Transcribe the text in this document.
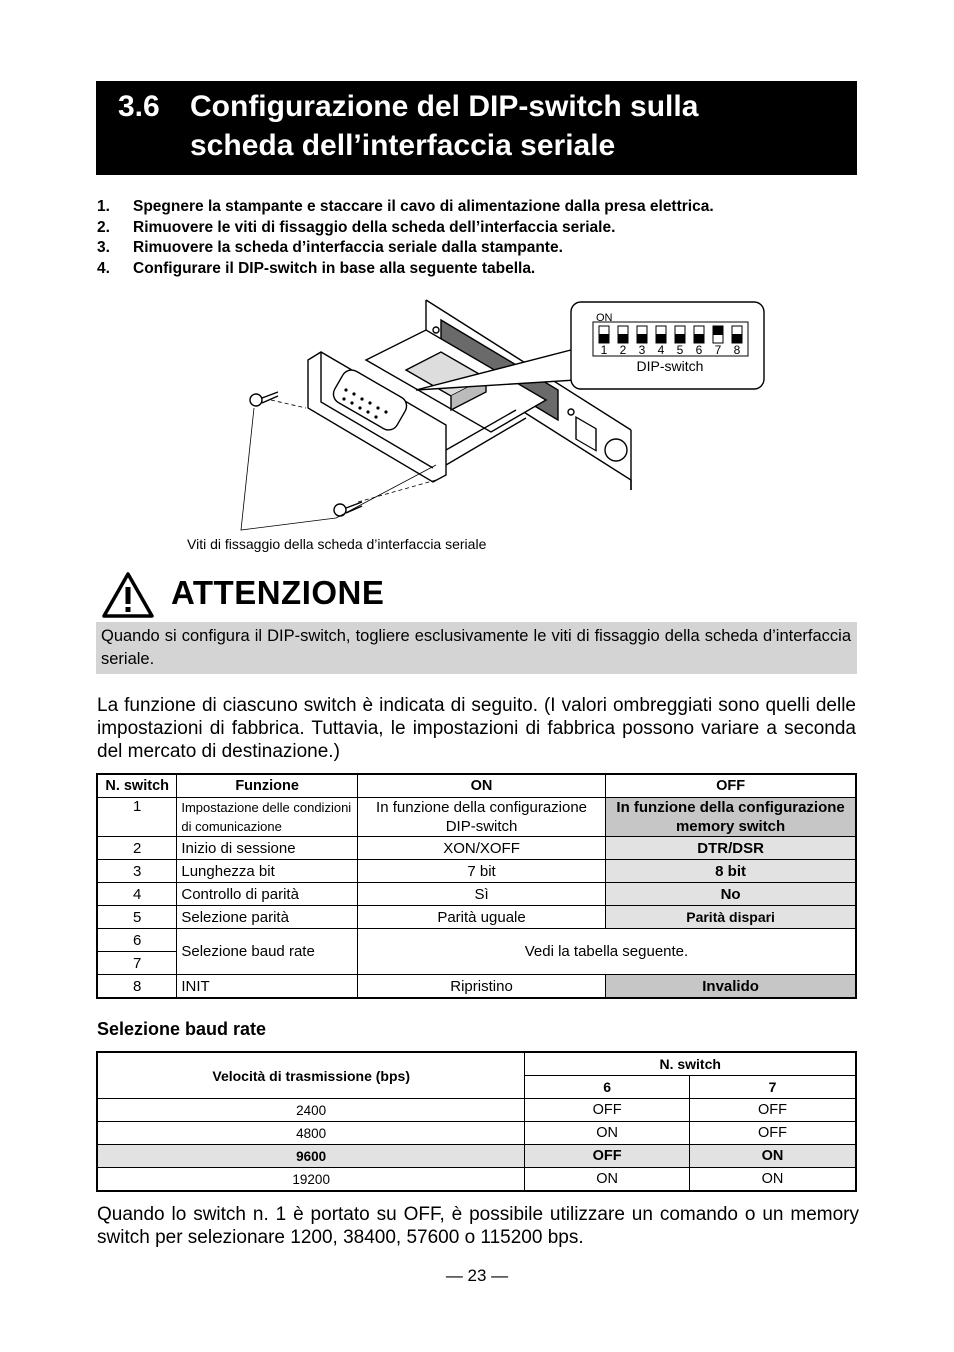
3.6 Configurazione del DIP-switch sulla
scheda dell’interfaccia seriale
1. Spegnere la stampante e staccare il cavo di alimentazione dalla presa elettrica.
2. Rimuovere le viti di fissaggio della scheda dell’interfaccia seriale.
3. Rimuovere la scheda d’interfaccia seriale dalla stampante.
4. Configurare il DIP-switch in base alla seguente tabella.
ON
1 2 3 4 5 6 7 8
DIP-switch
Viti di fissaggio della scheda d’interfaccia seriale
ATTENZIONE
Quando si configura il DIP-switch, togliere esclusivamente le viti di fissaggio della scheda d’interfaccia seriale.
La funzione di ciascuno switch è indicata di seguito. (I valori ombreggiati sono quelli delle impostazioni di fabbrica. Tuttavia, le impostazioni di fabbrica possono variare a seconda del mercato di destinazione.)
N. switch	Funzione	ON	OFF
1	Impostazione delle condizioni di comunicazione	In funzione della configurazione DIP-switch	In funzione della configurazione memory switch
2	Inizio di sessione	XON/XOFF	DTR/DSR
3	Lunghezza bit	7 bit	8 bit
4	Controllo di parità	Sì	No
5	Selezione parità	Parità uguale	Parità dispari
6	Selezione baud rate	Vedi la tabella seguente.	
7			
8	INIT	Ripristino	Invalido
Selezione baud rate
Velocità di trasmissione (bps)	N. switch	
	6	7
2400	OFF	OFF
4800	ON	OFF
9600	OFF	ON
19200	ON	ON
Quando lo switch n. 1 è portato su OFF, è possibile utilizzare un comando o un memory switch per selezionare 1200, 38400, 57600 o 115200 bps.
— 23 —
